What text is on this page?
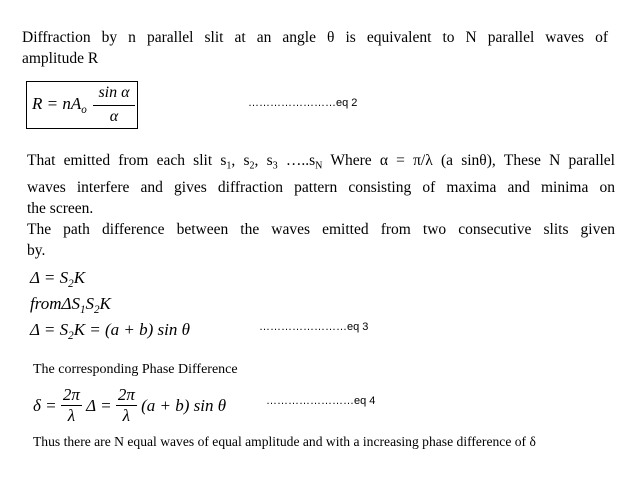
Diffraction by n parallel slit at an angle θ is equivalent to N parallel waves of
amplitude R
$R = nA_o$
sin α
α
……………………eq 2
That emitted from each slit $s_1$, $s_2$, $s_3$ $\dots..s_N$ Where α = π/λ (a sinθ), These N parallel
waves interfere and gives diffraction pattern consisting of maxima and minima on
the screen.
The path difference between the waves emitted from two consecutive slits given
by.
$\Delta = S_2K$
$from\Delta S_1S_2K$
$\Delta = S_2K = (a + b)$ sin θ	……………………eq 3
The corresponding Phase Difference
$\delta = \frac{2\pi}{\lambda}$ $\Delta = \frac{2\pi}{\lambda} (a + b)$ sin θ	……………………eq 4
Thus there are N equal waves of equal amplitude and with a increasing phase difference of δ
